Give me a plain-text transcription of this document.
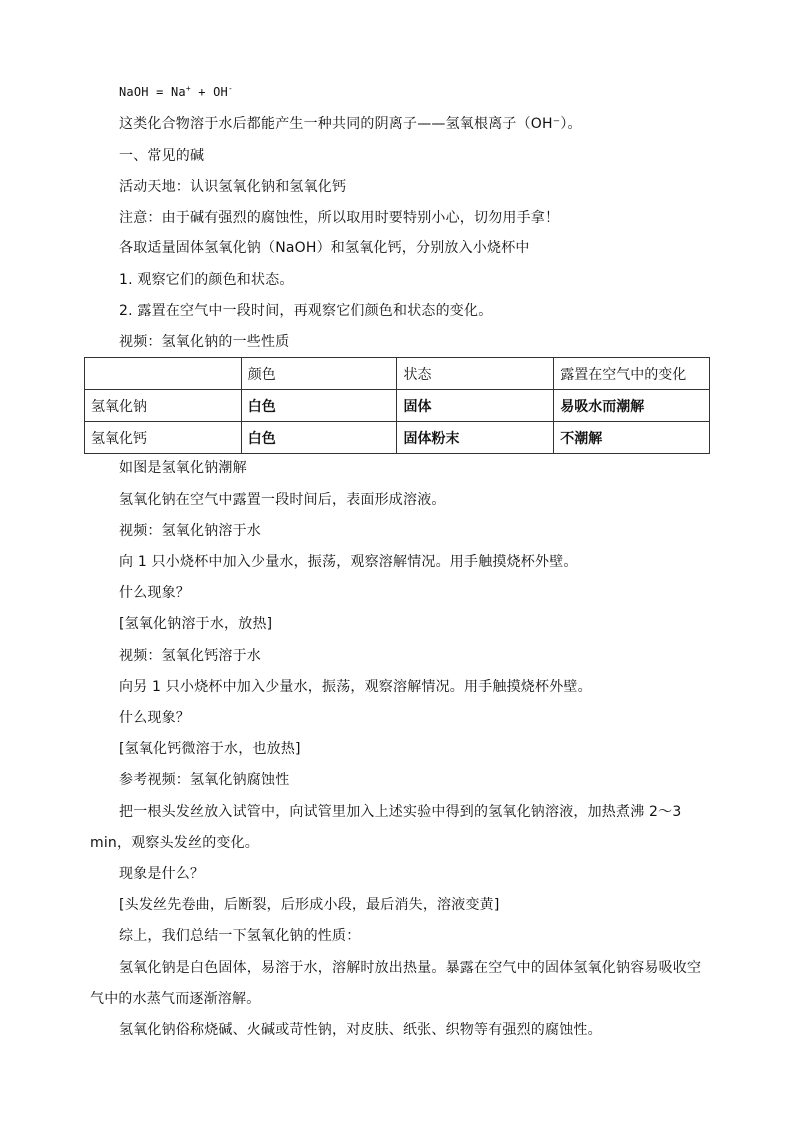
NaOH = Na+ + OH-
这类化合物溶于水后都能产生一种共同的阴离子——氢氧根离子（OH⁻）。
一、常见的碱
活动天地：认识氢氧化钠和氢氧化钙
注意：由于碱有强烈的腐蚀性，所以取用时要特别小心，切勿用手拿！
各取适量固体氢氧化钠（NaOH）和氢氧化钙，分别放入小烧杯中
1. 观察它们的颜色和状态。
2. 露置在空气中一段时间，再观察它们颜色和状态的变化。
视频：氢氧化钠的一些性质
	颜色	状态	露置在空气中的变化
氢氧化钠	白色	固体	易吸水而潮解
氢氧化钙	白色	固体粉末	不潮解
如图是氢氧化钠潮解
氢氧化钠在空气中露置一段时间后，表面形成溶液。
视频：氢氧化钠溶于水
向 1 只小烧杯中加入少量水，振荡，观察溶解情况。用手触摸烧杯外壁。
什么现象？
[氢氧化钠溶于水，放热]
视频：氢氧化钙溶于水
向另 1 只小烧杯中加入少量水，振荡，观察溶解情况。用手触摸烧杯外壁。
什么现象？
[氢氧化钙微溶于水，也放热]
参考视频：氢氧化钠腐蚀性
把一根头发丝放入试管中，向试管里加入上述实验中得到的氢氧化钠溶液，加热煮沸 2～3 min，观察头发丝的变化。
现象是什么？
[头发丝先卷曲，后断裂，后形成小段，最后消失，溶液变黄]
综上，我们总结一下氢氧化钠的性质：
氢氧化钠是白色固体，易溶于水，溶解时放出热量。暴露在空气中的固体氢氧化钠容易吸收空气中的水蒸气而逐渐溶解。
氢氧化钠俗称烧碱、火碱或苛性钠，对皮肤、纸张、织物等有强烈的腐蚀性。
